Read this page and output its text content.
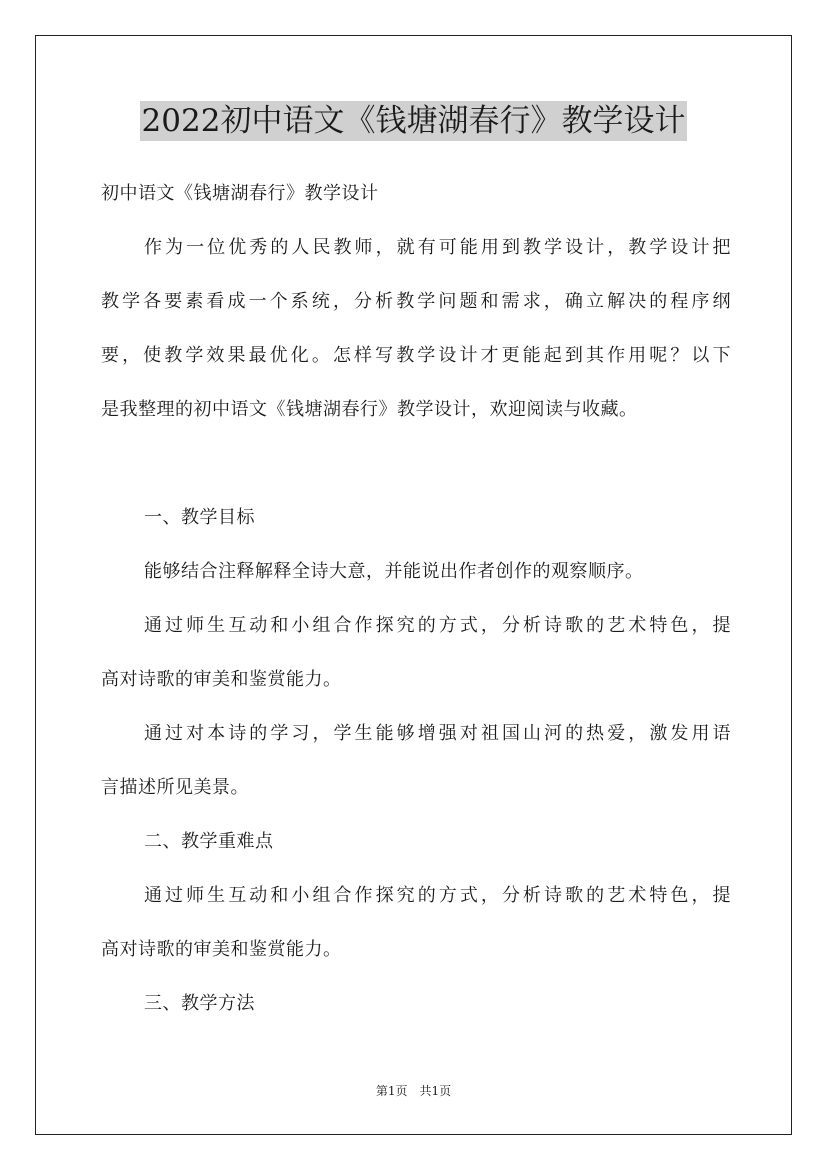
2022初中语文《钱塘湖春行》教学设计
初中语文《钱塘湖春行》教学设计
作为一位优秀的人民教师，就有可能用到教学设计，教学设计把
教学各要素看成一个系统，分析教学问题和需求，确立解决的程序纲
要，使教学效果最优化。怎样写教学设计才更能起到其作用呢？以下
是我整理的初中语文《钱塘湖春行》教学设计，欢迎阅读与收藏。
一、教学目标
能够结合注释解释全诗大意，并能说出作者创作的观察顺序。
通过师生互动和小组合作探究的方式，分析诗歌的艺术特色，提
高对诗歌的审美和鉴赏能力。
通过对本诗的学习，学生能够增强对祖国山河的热爱，激发用语
言描述所见美景。
二、教学重难点
通过师生互动和小组合作探究的方式，分析诗歌的艺术特色，提
高对诗歌的审美和鉴赏能力。
三、教学方法
第1页　共1页
